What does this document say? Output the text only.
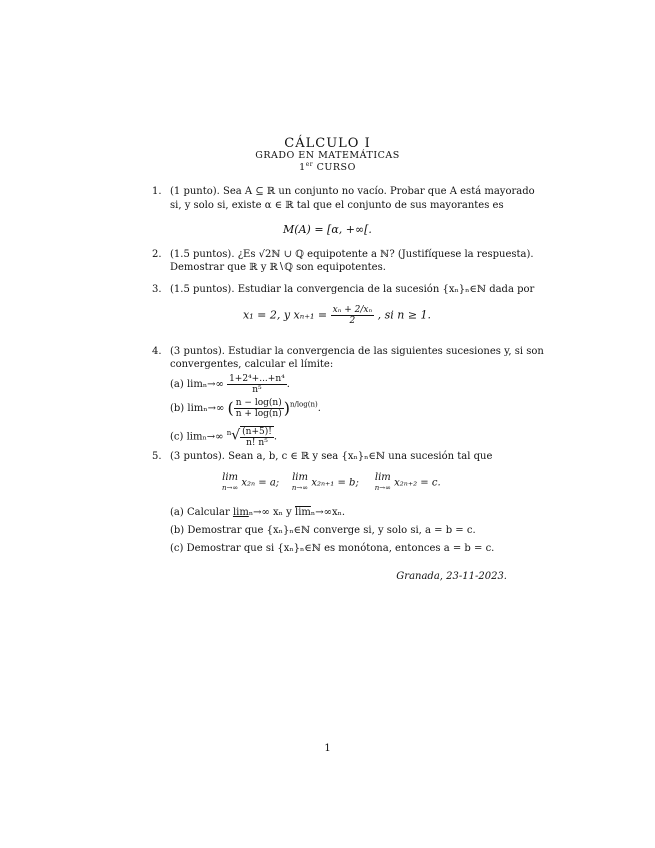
CÁLCULO I
GRADO EN MATEMÁTICAS
1er CURSO
1. (1 punto). Sea A ⊆ ℝ un conjunto no vacío. Probar que A está mayorado
si, y solo si, existe α ∈ ℝ tal que el conjunto de sus mayorantes es
M(A) = [α, +∞[.
2. (1.5 puntos). ¿Es √2ℕ ∪ ℚ equipotente a ℕ? (Justifíquese la respuesta).
Demostrar que ℝ y ℝ∖ℚ son equipotentes.
3. (1.5 puntos). Estudiar la convergencia de la sucesión {xₙ}ₙ∈ℕ dada por
x₁ = 2, y $x_{n+1} = \frac{\text{xₙ + 2/xₙ}}{2}$ , si n ≥ 1.
4. (3 puntos). Estudiar la convergencia de las siguientes sucesiones y, si son
convergentes, calcular el límite:
(a) $\lim_n\to\infty \frac{\text{1+2⁴+...+n⁴}}{\text{n⁵}}$ .
(b) limₙ→∞ ( $\frac{n - \log(n)}{n + \log(n)} )^{n/log(n)}$.
(c) limₙ→∞ $^n√ \frac{(n+5)!}{\text{n! n⁵}}$ .
5. (3 puntos). Sean a, b, c ∈ ℝ y sea {xₙ}ₙ∈ℕ una sucesión tal que
lim
n→∞ x₂ₙ = a; lim
n→∞ x₂ₙ₊₁ = b; lim
n→∞ x₂ₙ₊₂ = c.
(a) Calcular limₙ→∞ xₙ y $\overline{lim}_n\to\infty x_n$.
(b) Demostrar que {xₙ}ₙ∈ℕ converge si, y solo si, a = b = c.
(c) Demostrar que si {xₙ}ₙ∈ℕ es monótona, entonces a = b = c.
Granada, 23-11-2023.
1
